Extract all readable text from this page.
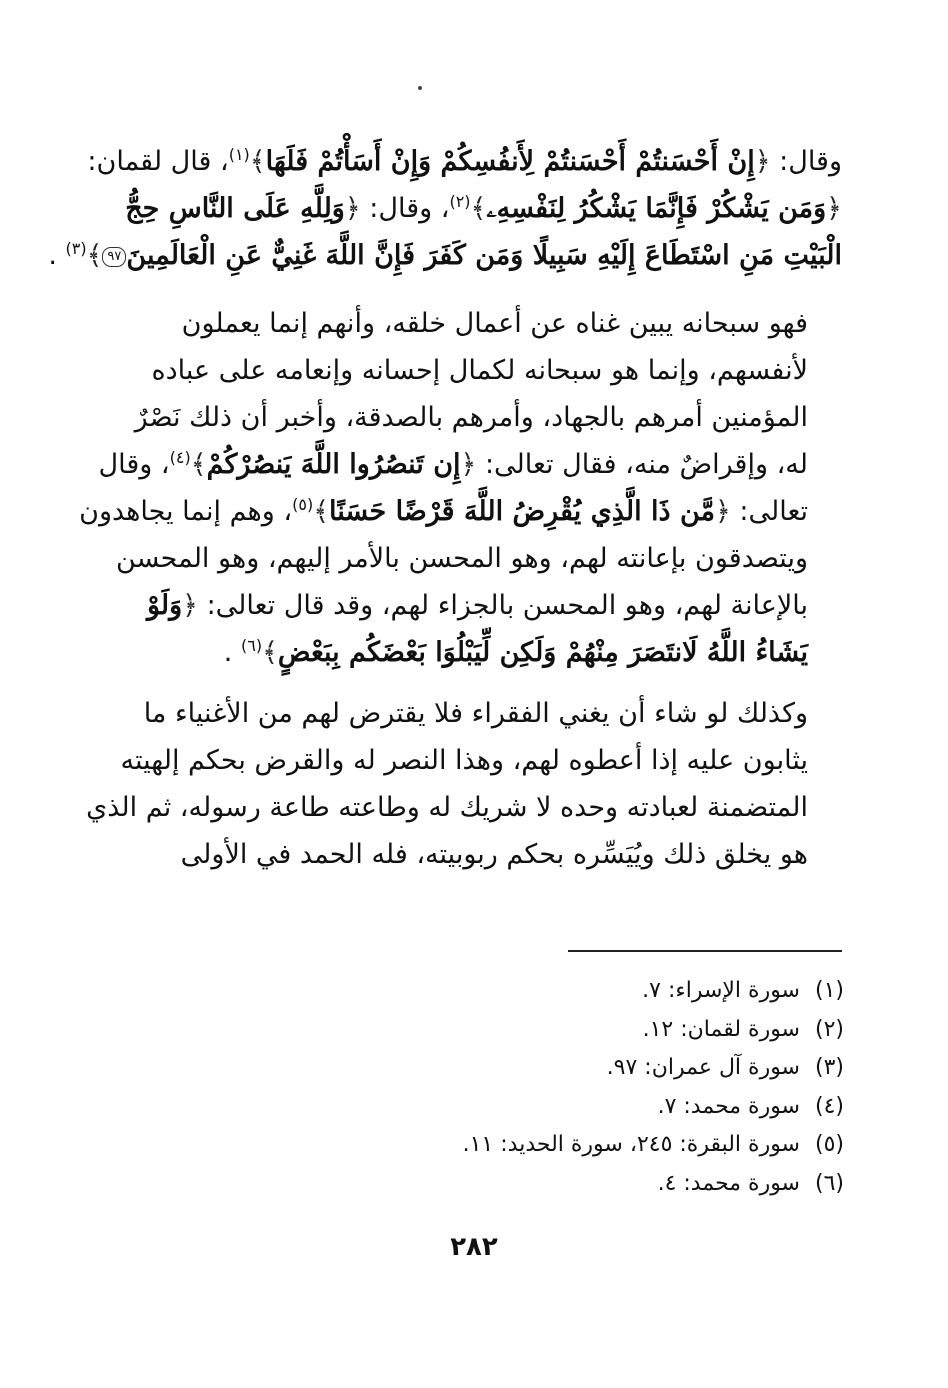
وقال: ﴿إِنْ أَحْسَنتُمْ أَحْسَنتُمْ لِأَنفُسِكُمْ وَإِنْ أَسَأْتُمْ فَلَهَا﴾$^{(١)}$، قال لقمان:
﴿وَمَن يَشْكُرْ فَإِنَّمَا يَشْكُرُ لِنَفْسِهِۦ﴾$^{(٢)}$، وقال: ﴿وَلِلَّهِ عَلَى النَّاسِ حِجُّ
الْبَيْتِ مَنِ اسْتَطَاعَ إِلَيْهِ سَبِيلًا وَمَن كَفَرَ فَإِنَّ اللَّهَ غَنِيٌّ عَنِ الْعَالَمِينَ٩٧﴾$^{(٣)}$ .
فهو سبحانه يبين غناه عن أعمال خلقه، وأنهم إنما يعملون
لأنفسهم، وإنما هو سبحانه لكمال إحسانه وإنعامه على عباده
المؤمنين أمرهم بالجهاد، وأمرهم بالصدقة، وأخبر أن ذلك نَصْرٌ
له، وإقراضٌ منه، فقال تعالى: ﴿إِن تَنصُرُوا اللَّهَ يَنصُرْكُمْ﴾$^{(٤)}$، وقال
تعالى: ﴿مَّن ذَا الَّذِي يُقْرِضُ اللَّهَ قَرْضًا حَسَنًا﴾$^{(٥)}$، وهم إنما يجاهدون
ويتصدقون بإعانته لهم، وهو المحسن بالأمر إليهم، وهو المحسن
بالإعانة لهم، وهو المحسن بالجزاء لهم، وقد قال تعالى: ﴿وَلَوْ
يَشَاءُ اللَّهُ لَانتَصَرَ مِنْهُمْ وَلَكِن لِّيَبْلُوَا بَعْضَكُم بِبَعْضٍ﴾$^{(٦)}$ .
وكذلك لو شاء أن يغني الفقراء فلا يقترض لهم من الأغنياء ما
يثابون عليه إذا أعطوه لهم، وهذا النصر له والقرض بحكم إلهيته
المتضمنة لعبادته وحده لا شريك له وطاعته طاعة رسوله، ثم الذي
هو يخلق ذلك ويُيَسِّره بحكم ربوبيته، فله الحمد في الأولى
(١)سورة الإسراء: ٧.
(٢)سورة لقمان: ١٢.
(٣)سورة آل عمران: ٩٧.
(٤)سورة محمد: ٧.
(٥)سورة البقرة: ٢٤٥، سورة الحديد: ١١.
(٦)سورة محمد: ٤.
٢٨٢
